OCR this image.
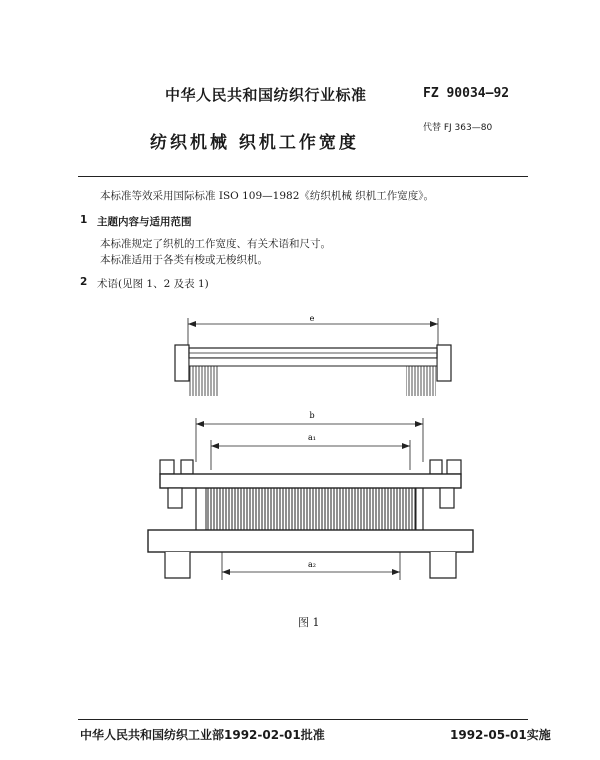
中华人民共和国纺织行业标准	FZ 90034—92
纺织机械 织机工作宽度
代替 FJ 363—80
本标准等效采用国际标准 ISO 109—1982《纺织机械 织机工作宽度》。
1 主题内容与适用范围
本标准规定了织机的工作宽度、有关术语和尺寸。
本标准适用于各类有梭或无梭织机。
2 术语(见图 1、2 及表 1)
e
b
a₁
a₂
图 1
中华人民共和国纺织工业部1992-02-01批准	1992-05-01实施
